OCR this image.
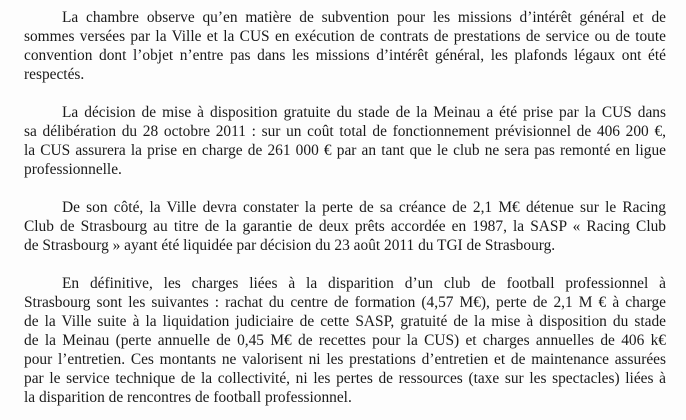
La chambre observe qu’en matière de subvention pour les missions d’intérêt général et de
sommes versées par la Ville et la CUS en exécution de contrats de prestations de service ou de toute
convention dont l’objet n’entre pas dans les missions d’intérêt général, les plafonds légaux ont été
respectés.
La décision de mise à disposition gratuite du stade de la Meinau a été prise par la CUS dans
sa délibération du 28 octobre 2011 : sur un coût total de fonctionnement prévisionnel de 406 200 €,
la CUS assurera la prise en charge de 261 000 € par an tant que le club ne sera pas remonté en ligue
professionnelle.
De son côté, la Ville devra constater la perte de sa créance de 2,1 M€ détenue sur le Racing
Club de Strasbourg au titre de la garantie de deux prêts accordée en 1987, la SASP « Racing Club
de Strasbourg » ayant été liquidée par décision du 23 août 2011 du TGI de Strasbourg.
En définitive, les charges liées à la disparition d’un club de football professionnel à
Strasbourg sont les suivantes : rachat du centre de formation (4,57 M€), perte de 2,1 M € à charge
de la Ville suite à la liquidation judiciaire de cette SASP, gratuité de la mise à disposition du stade
de la Meinau (perte annuelle de 0,45 M€ de recettes pour la CUS) et charges annuelles de 406 k€
pour l’entretien. Ces montants ne valorisent ni les prestations d’entretien et de maintenance assurées
par le service technique de la collectivité, ni les pertes de ressources (taxe sur les spectacles) liées à
la disparition de rencontres de football professionnel.
